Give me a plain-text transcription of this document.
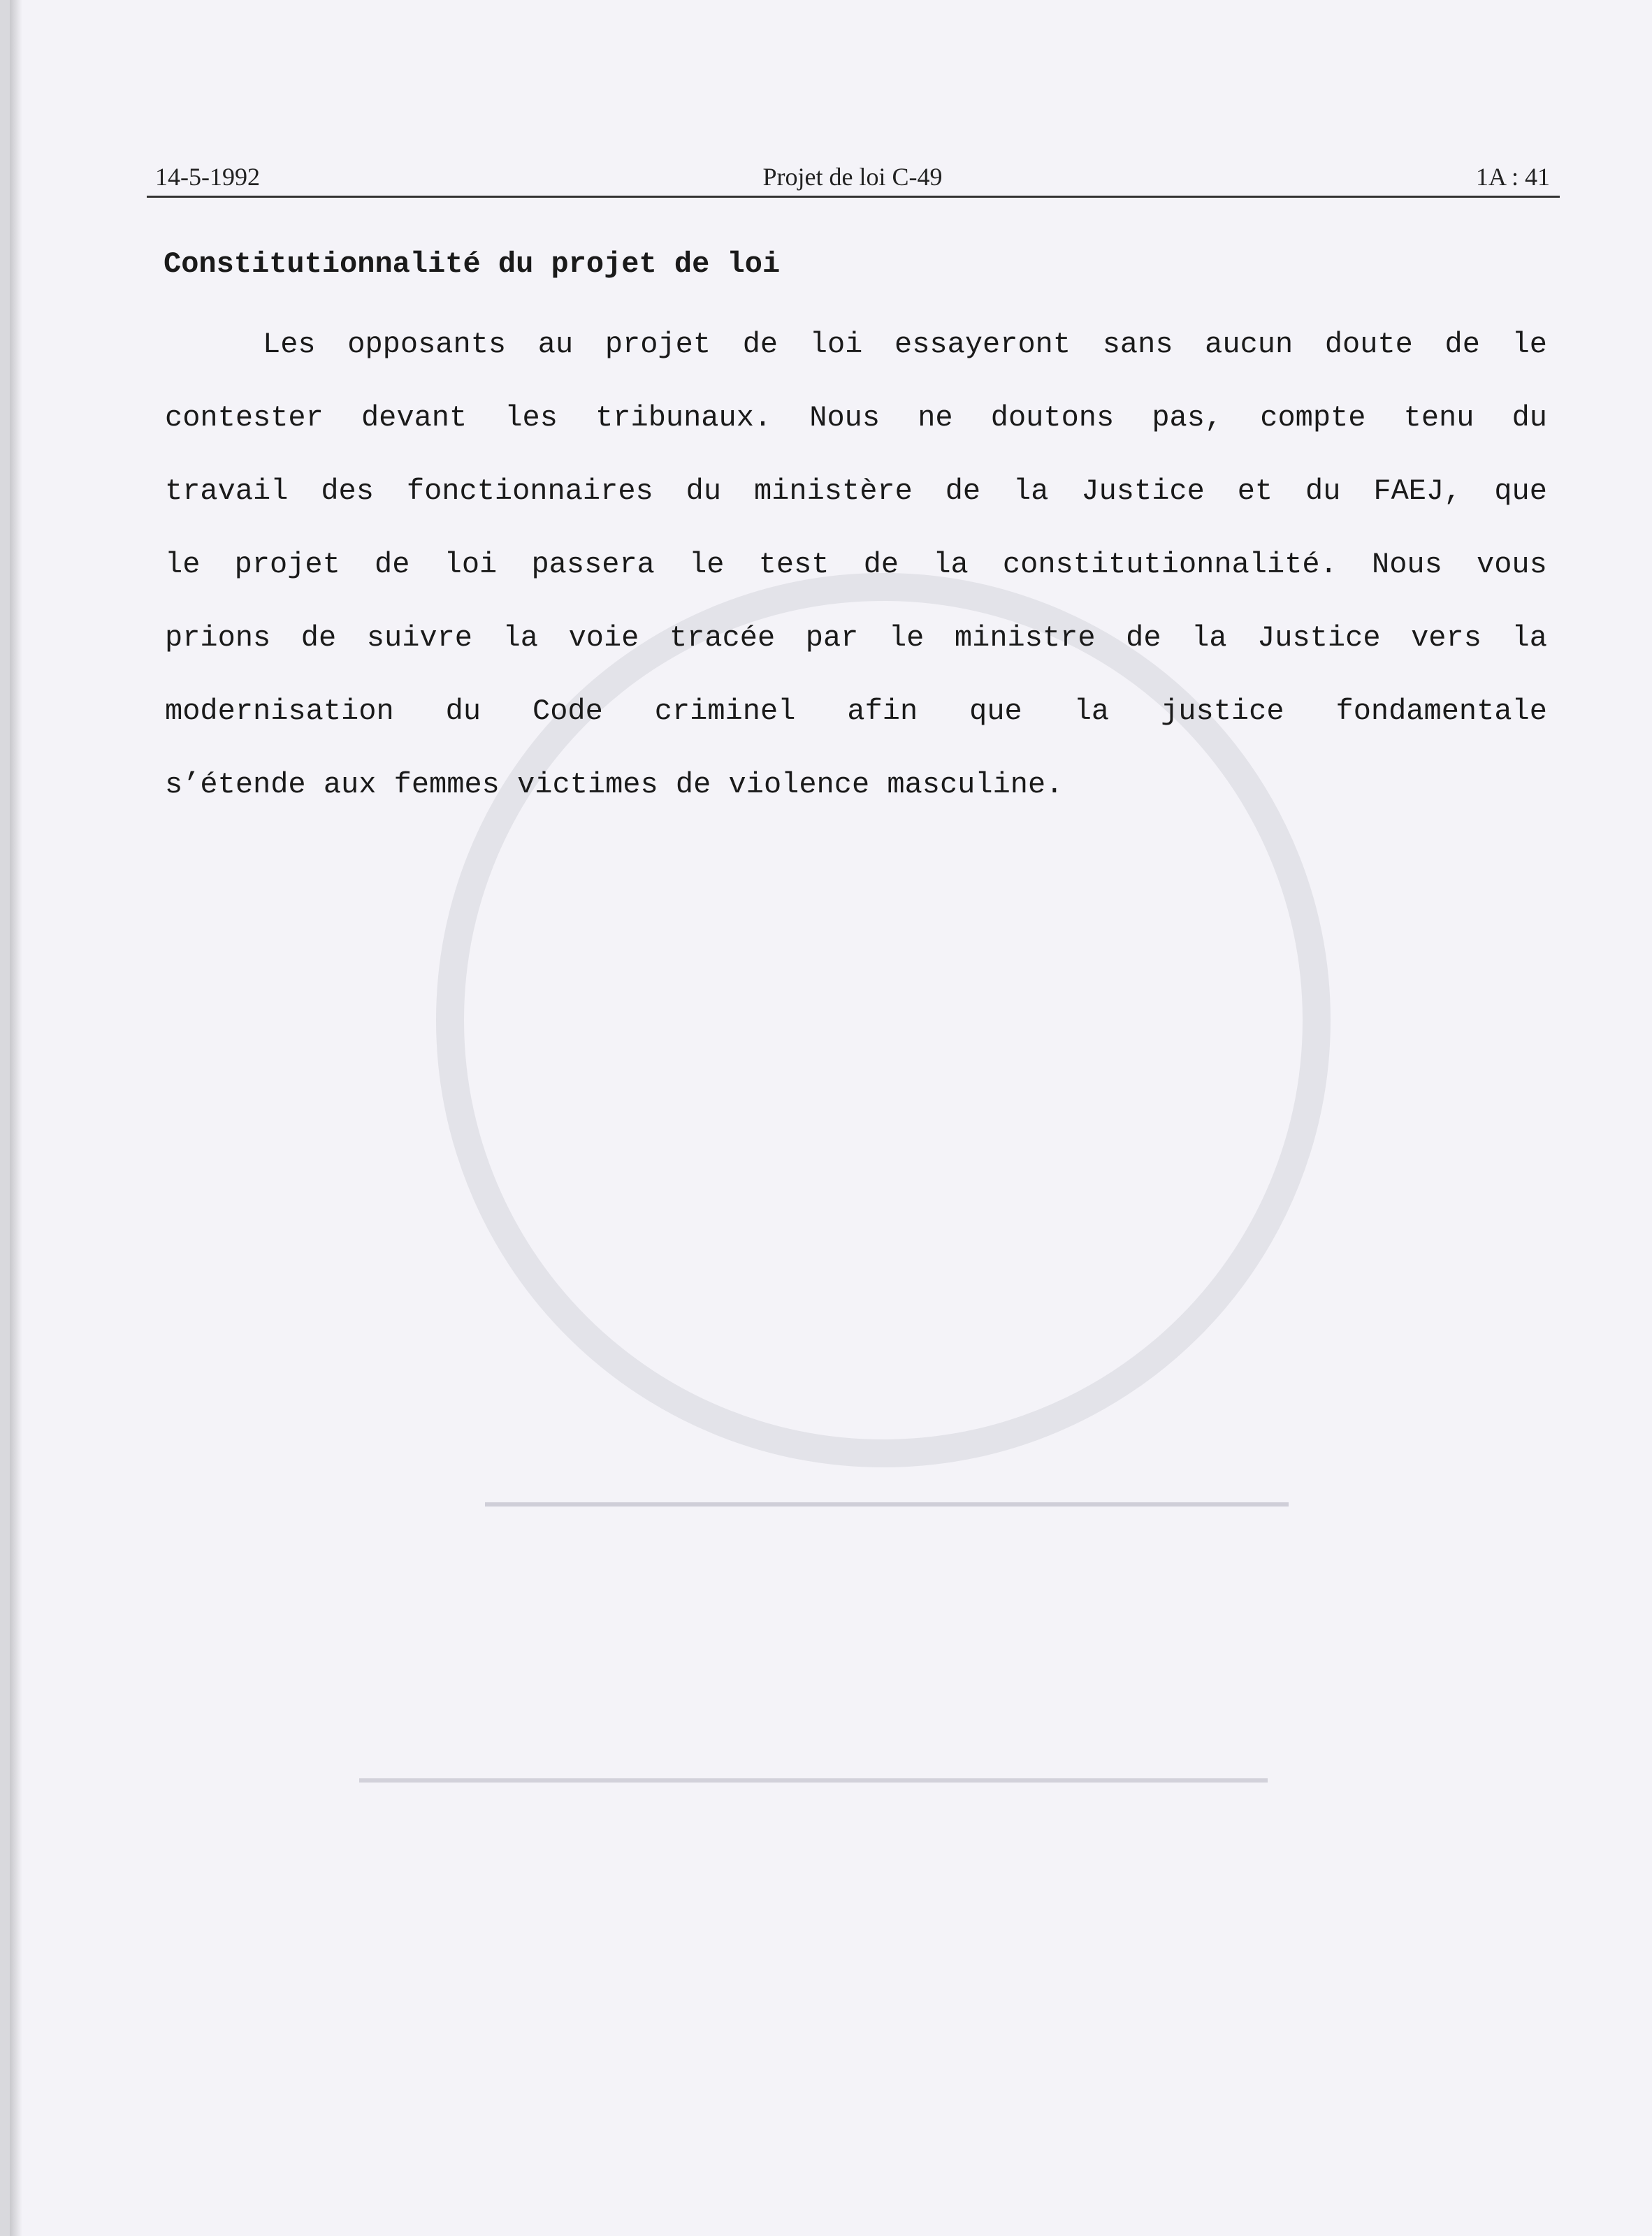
14-5-1992	Projet de loi C-49	1A : 41
Constitutionnalité du projet de loi
Les opposants au projet de loi essayeront sans aucun doute de le
contester devant les tribunaux. Nous ne doutons pas, compte tenu du
travail des fonctionnaires du ministère de la Justice et du FAEJ, que
le projet de loi passera le test de la constitutionnalité. Nous vous
prions de suivre la voie tracée par le ministre de la Justice vers la
modernisation du Code criminel afin que la justice fondamentale
s’étende aux femmes victimes de violence masculine.
